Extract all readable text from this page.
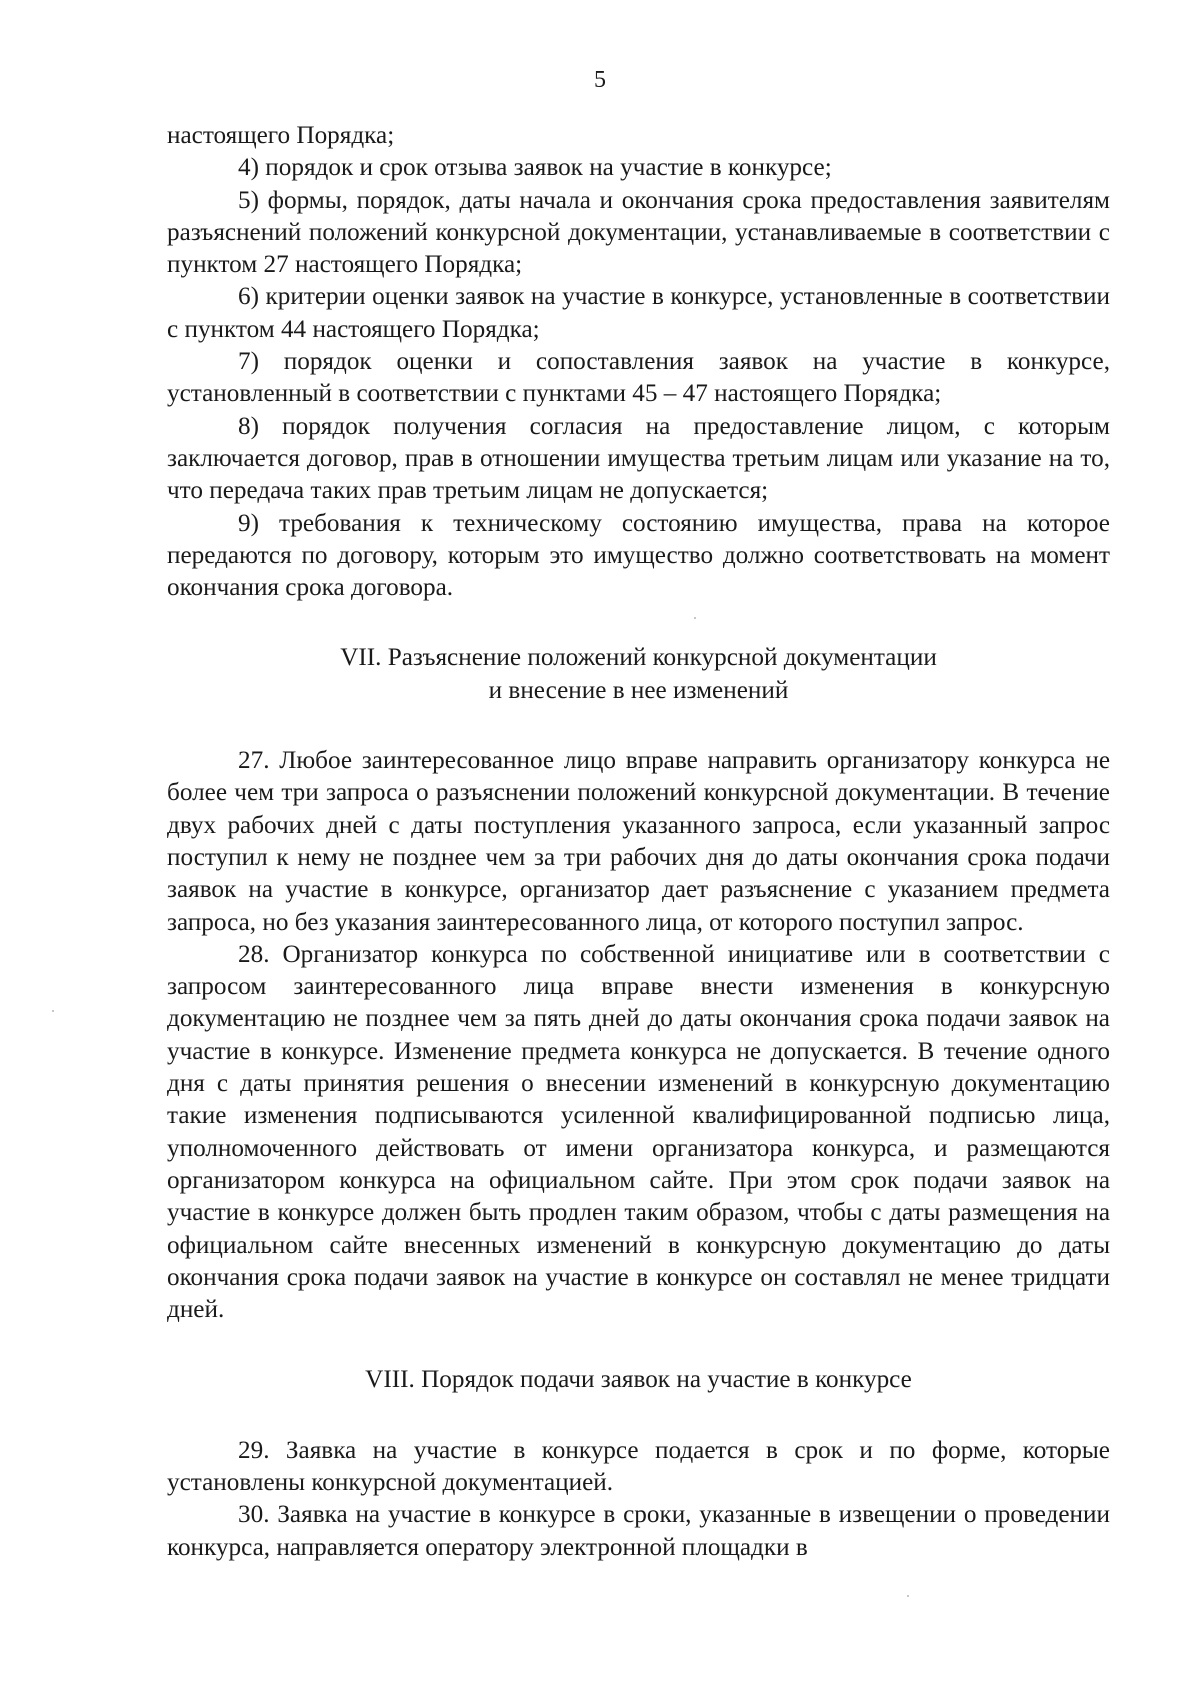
5

настоящего Порядка;

4) порядок и срок отзыва заявок на участие в конкурсе;

5) формы, порядок, даты начала и окончания срока предоставления заявителям разъяснений положений конкурсной документации, устанавливаемые в соответствии с пунктом 27 настоящего Порядка;

6) критерии оценки заявок на участие в конкурсе, установленные в соответствии с пунктом 44 настоящего Порядка;

7) порядок оценки и сопоставления заявок на участие в конкурсе, установленный в соответствии с пунктами 45 – 47 настоящего Порядка;

8) порядок получения согласия на предоставление лицом, с которым заключается договор, прав в отношении имущества третьим лицам или указание на то, что передача таких прав третьим лицам не допускается;

9) требования к техническому состоянию имущества, права на которое передаются по договору, которым это имущество должно соответствовать на момент окончания срока договора.

VII. Разъяснение положений конкурсной документации
и внесение в нее изменений

27. Любое заинтересованное лицо вправе направить организатору конкурса не более чем три запроса о разъяснении положений конкурсной документации. В течение двух рабочих дней с даты поступления указанного запроса, если указанный запрос поступил к нему не позднее чем за три рабочих дня до даты окончания срока подачи заявок на участие в конкурсе, организатор дает разъяснение с указанием предмета запроса, но без указания заинтересованного лица, от которого поступил запрос.

28. Организатор конкурса по собственной инициативе или в соответствии с запросом заинтересованного лица вправе внести изменения в конкурсную документацию не позднее чем за пять дней до даты окончания срока подачи заявок на участие в конкурсе. Изменение предмета конкурса не допускается. В течение одного дня с даты принятия решения о внесении изменений в конкурсную документацию такие изменения подписываются усиленной квалифицированной подписью лица, уполномоченного действовать от имени организатора конкурса, и размещаются организатором конкурса на официальном сайте. При этом срок подачи заявок на участие в конкурсе должен быть продлен таким образом, чтобы с даты размещения на официальном сайте внесенных изменений в конкурсную документацию до даты окончания срока подачи заявок на участие в конкурсе он составлял не менее тридцати дней.

VIII. Порядок подачи заявок на участие в конкурсе

29. Заявка на участие в конкурсе подается в срок и по форме, которые установлены конкурсной документацией.

30. Заявка на участие в конкурсе в сроки, указанные в извещении о проведении конкурса, направляется оператору электронной площадки в
